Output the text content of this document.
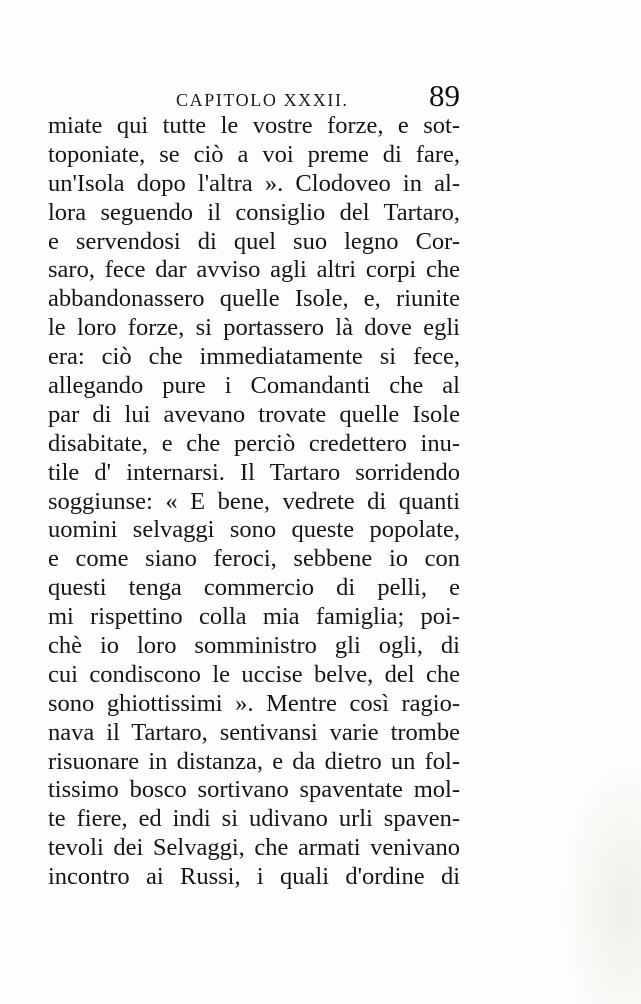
CAPITOLO XXXII.	89
miate qui tutte le vostre forze, e sot-
toponiate, se ciò a voi preme di fare,
un'Isola dopo l'altra ». Clodoveo in al-
lora seguendo il consiglio del Tartaro,
e servendosi di quel suo legno Cor-
saro, fece dar avviso agli altri corpi che
abbandonassero quelle Isole, e, riunite
le loro forze, si portassero là dove egli
era: ciò che immediatamente si fece,
allegando pure i Comandanti che al
par di lui avevano trovate quelle Isole
disabitate, e che perciò credettero inu-
tile d' internarsi. Il Tartaro sorridendo
soggiunse: « E bene, vedrete di quanti
uomini selvaggi sono queste popolate,
e come siano feroci, sebbene io con
questi tenga commercio di pelli, e
mi rispettino colla mia famiglia; poi-
chè io loro somministro gli ogli, di
cui condiscono le uccise belve, del che
sono ghiottissimi ». Mentre così ragio-
nava il Tartaro, sentivansi varie trombe
risuonare in distanza, e da dietro un fol-
tissimo bosco sortivano spaventate mol-
te fiere, ed indi si udivano urli spaven-
tevoli dei Selvaggi, che armati venivano
incontro ai Russi, i quali d'ordine di
